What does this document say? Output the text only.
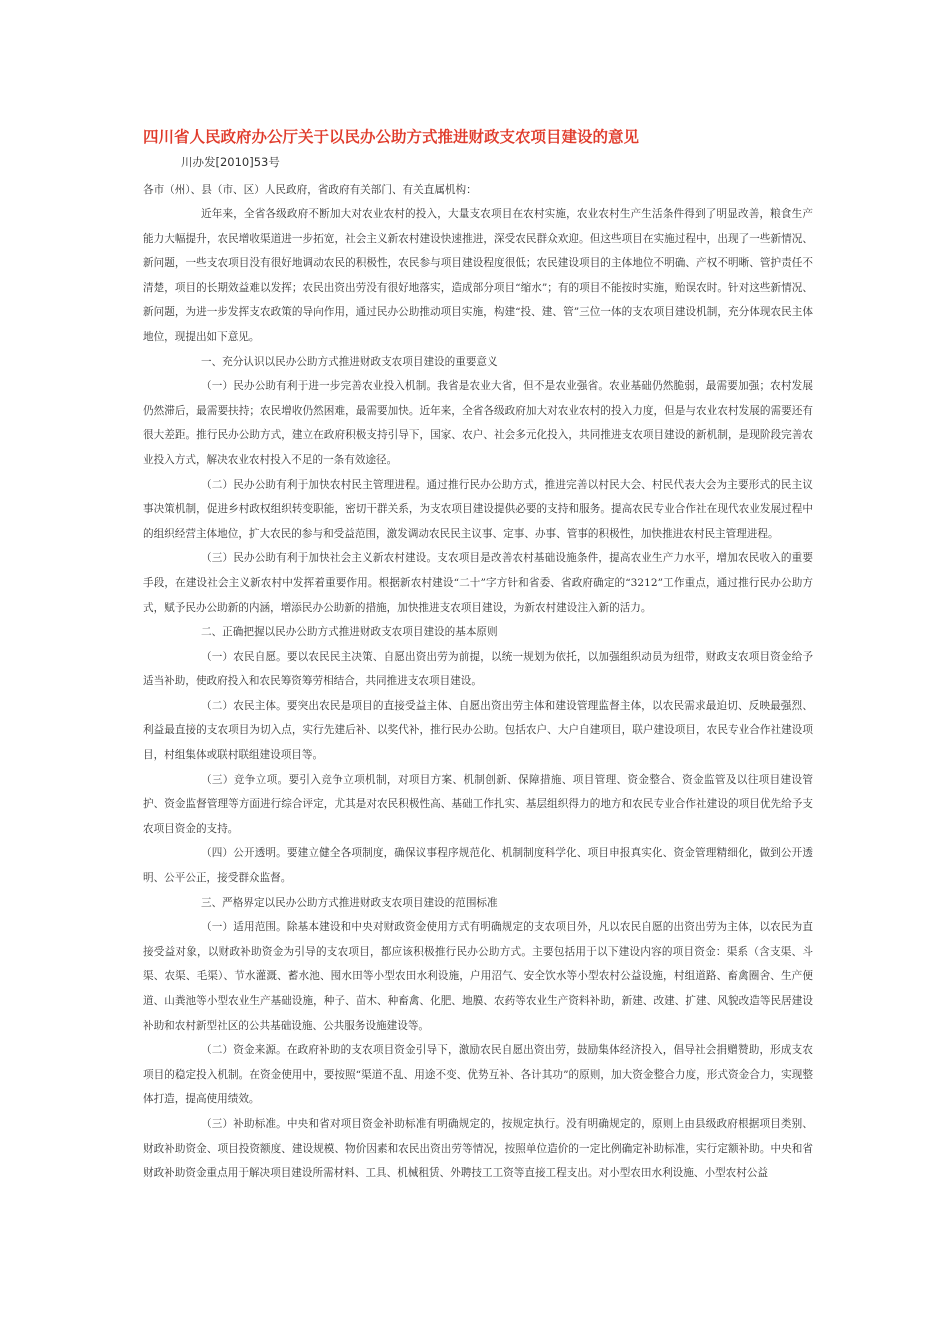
四川省人民政府办公厅关于以民办公助方式推进财政支农项目建设的意见
川办发[2010]53号
各市（州）、县（市、区）人民政府，省政府有关部门、有关直属机构：

近年来，全省各级政府不断加大对农业农村的投入，大量支农项目在农村实施，农业农村生产生活条件得到了明显改善，粮食生产能力大幅提升，农民增收渠道进一步拓宽，社会主义新农村建设快速推进，深受农民群众欢迎。但这些项目在实施过程中，出现了一些新情况、新问题，一些支农项目没有很好地调动农民的积极性，农民参与项目建设程度很低；农民建设项目的主体地位不明确、产权不明晰、管护责任不清楚，项目的长期效益难以发挥；农民出资出劳没有很好地落实，造成部分项目“缩水”；有的项目不能按时实施，贻误农时。针对这些新情况、新问题，为进一步发挥支农政策的导向作用，通过民办公助推动项目实施，构建“投、建、管”三位一体的支农项目建设机制，充分体现农民主体地位，现提出如下意见。

一、充分认识以民办公助方式推进财政支农项目建设的重要意义

（一）民办公助有利于进一步完善农业投入机制。我省是农业大省，但不是农业强省。农业基础仍然脆弱，最需要加强；农村发展仍然滞后，最需要扶持；农民增收仍然困难，最需要加快。近年来，全省各级政府加大对农业农村的投入力度，但是与农业农村发展的需要还有很大差距。推行民办公助方式，建立在政府积极支持引导下，国家、农户、社会多元化投入，共同推进支农项目建设的新机制，是现阶段完善农业投入方式，解决农业农村投入不足的一条有效途径。

（二）民办公助有利于加快农村民主管理进程。通过推行民办公助方式，推进完善以村民大会、村民代表大会为主要形式的民主议事决策机制，促进乡村政权组织转变职能，密切干群关系，为支农项目建设提供必要的支持和服务。提高农民专业合作社在现代农业发展过程中的组织经营主体地位，扩大农民的参与和受益范围，激发调动农民民主议事、定事、办事、管事的积极性，加快推进农村民主管理进程。

（三）民办公助有利于加快社会主义新农村建设。支农项目是改善农村基础设施条件，提高农业生产力水平，增加农民收入的重要手段，在建设社会主义新农村中发挥着重要作用。根据新农村建设“二十”字方针和省委、省政府确定的“3212”工作重点，通过推行民办公助方式，赋予民办公助新的内涵，增添民办公助新的措施，加快推进支农项目建设，为新农村建设注入新的活力。

二、正确把握以民办公助方式推进财政支农项目建设的基本原则

（一）农民自愿。要以农民民主决策、自愿出资出劳为前提，以统一规划为依托，以加强组织动员为纽带，财政支农项目资金给予适当补助，使政府投入和农民筹资筹劳相结合，共同推进支农项目建设。

（二）农民主体。要突出农民是项目的直接受益主体、自愿出资出劳主体和建设管理监督主体，以农民需求最迫切、反映最强烈、利益最直接的支农项目为切入点，实行先建后补、以奖代补，推行民办公助。包括农户、大户自建项目，联户建设项目，农民专业合作社建设项目，村组集体或联村联组建设项目等。

（三）竞争立项。要引入竞争立项机制，对项目方案、机制创新、保障措施、项目管理、资金整合、资金监管及以往项目建设管护、资金监督管理等方面进行综合评定，尤其是对农民积极性高、基础工作扎实、基层组织得力的地方和农民专业合作社建设的项目优先给予支农项目资金的支持。

（四）公开透明。要建立健全各项制度，确保议事程序规范化、机制制度科学化、项目申报真实化、资金管理精细化，做到公开透明、公平公正，接受群众监督。

三、严格界定以民办公助方式推进财政支农项目建设的范围标准

（一）适用范围。除基本建设和中央对财政资金使用方式有明确规定的支农项目外，凡以农民自愿的出资出劳为主体，以农民为直接受益对象，以财政补助资金为引导的支农项目，都应该积极推行民办公助方式。主要包括用于以下建设内容的项目资金：渠系（含支渠、斗渠、农渠、毛渠）、节水灌溉、蓄水池、囤水田等小型农田水利设施，户用沼气、安全饮水等小型农村公益设施，村组道路、畜禽圈舍、生产便道、山粪池等小型农业生产基础设施，种子、苗木、种畜禽、化肥、地膜、农药等农业生产资料补助，新建、改建、扩建、风貌改造等民居建设补助和农村新型社区的公共基础设施、公共服务设施建设等。

（二）资金来源。在政府补助的支农项目资金引导下，激励农民自愿出资出劳，鼓励集体经济投入，倡导社会捐赠赞助，形成支农项目的稳定投入机制。在资金使用中，要按照“渠道不乱、用途不变、优势互补、各计其功”的原则，加大资金整合力度，形式资金合力，实现整体打造，提高使用绩效。

（三）补助标准。中央和省对项目资金补助标准有明确规定的，按规定执行。没有明确规定的，原则上由县级政府根据项目类别、财政补助资金、项目投资额度、建设规模、物价因素和农民出资出劳等情况，按照单位造价的一定比例确定补助标准，实行定额补助。中央和省财政补助资金重点用于解决项目建设所需材料、工具、机械租赁、外聘技工工资等直接工程支出。对小型农田水利设施、小型农村公益
